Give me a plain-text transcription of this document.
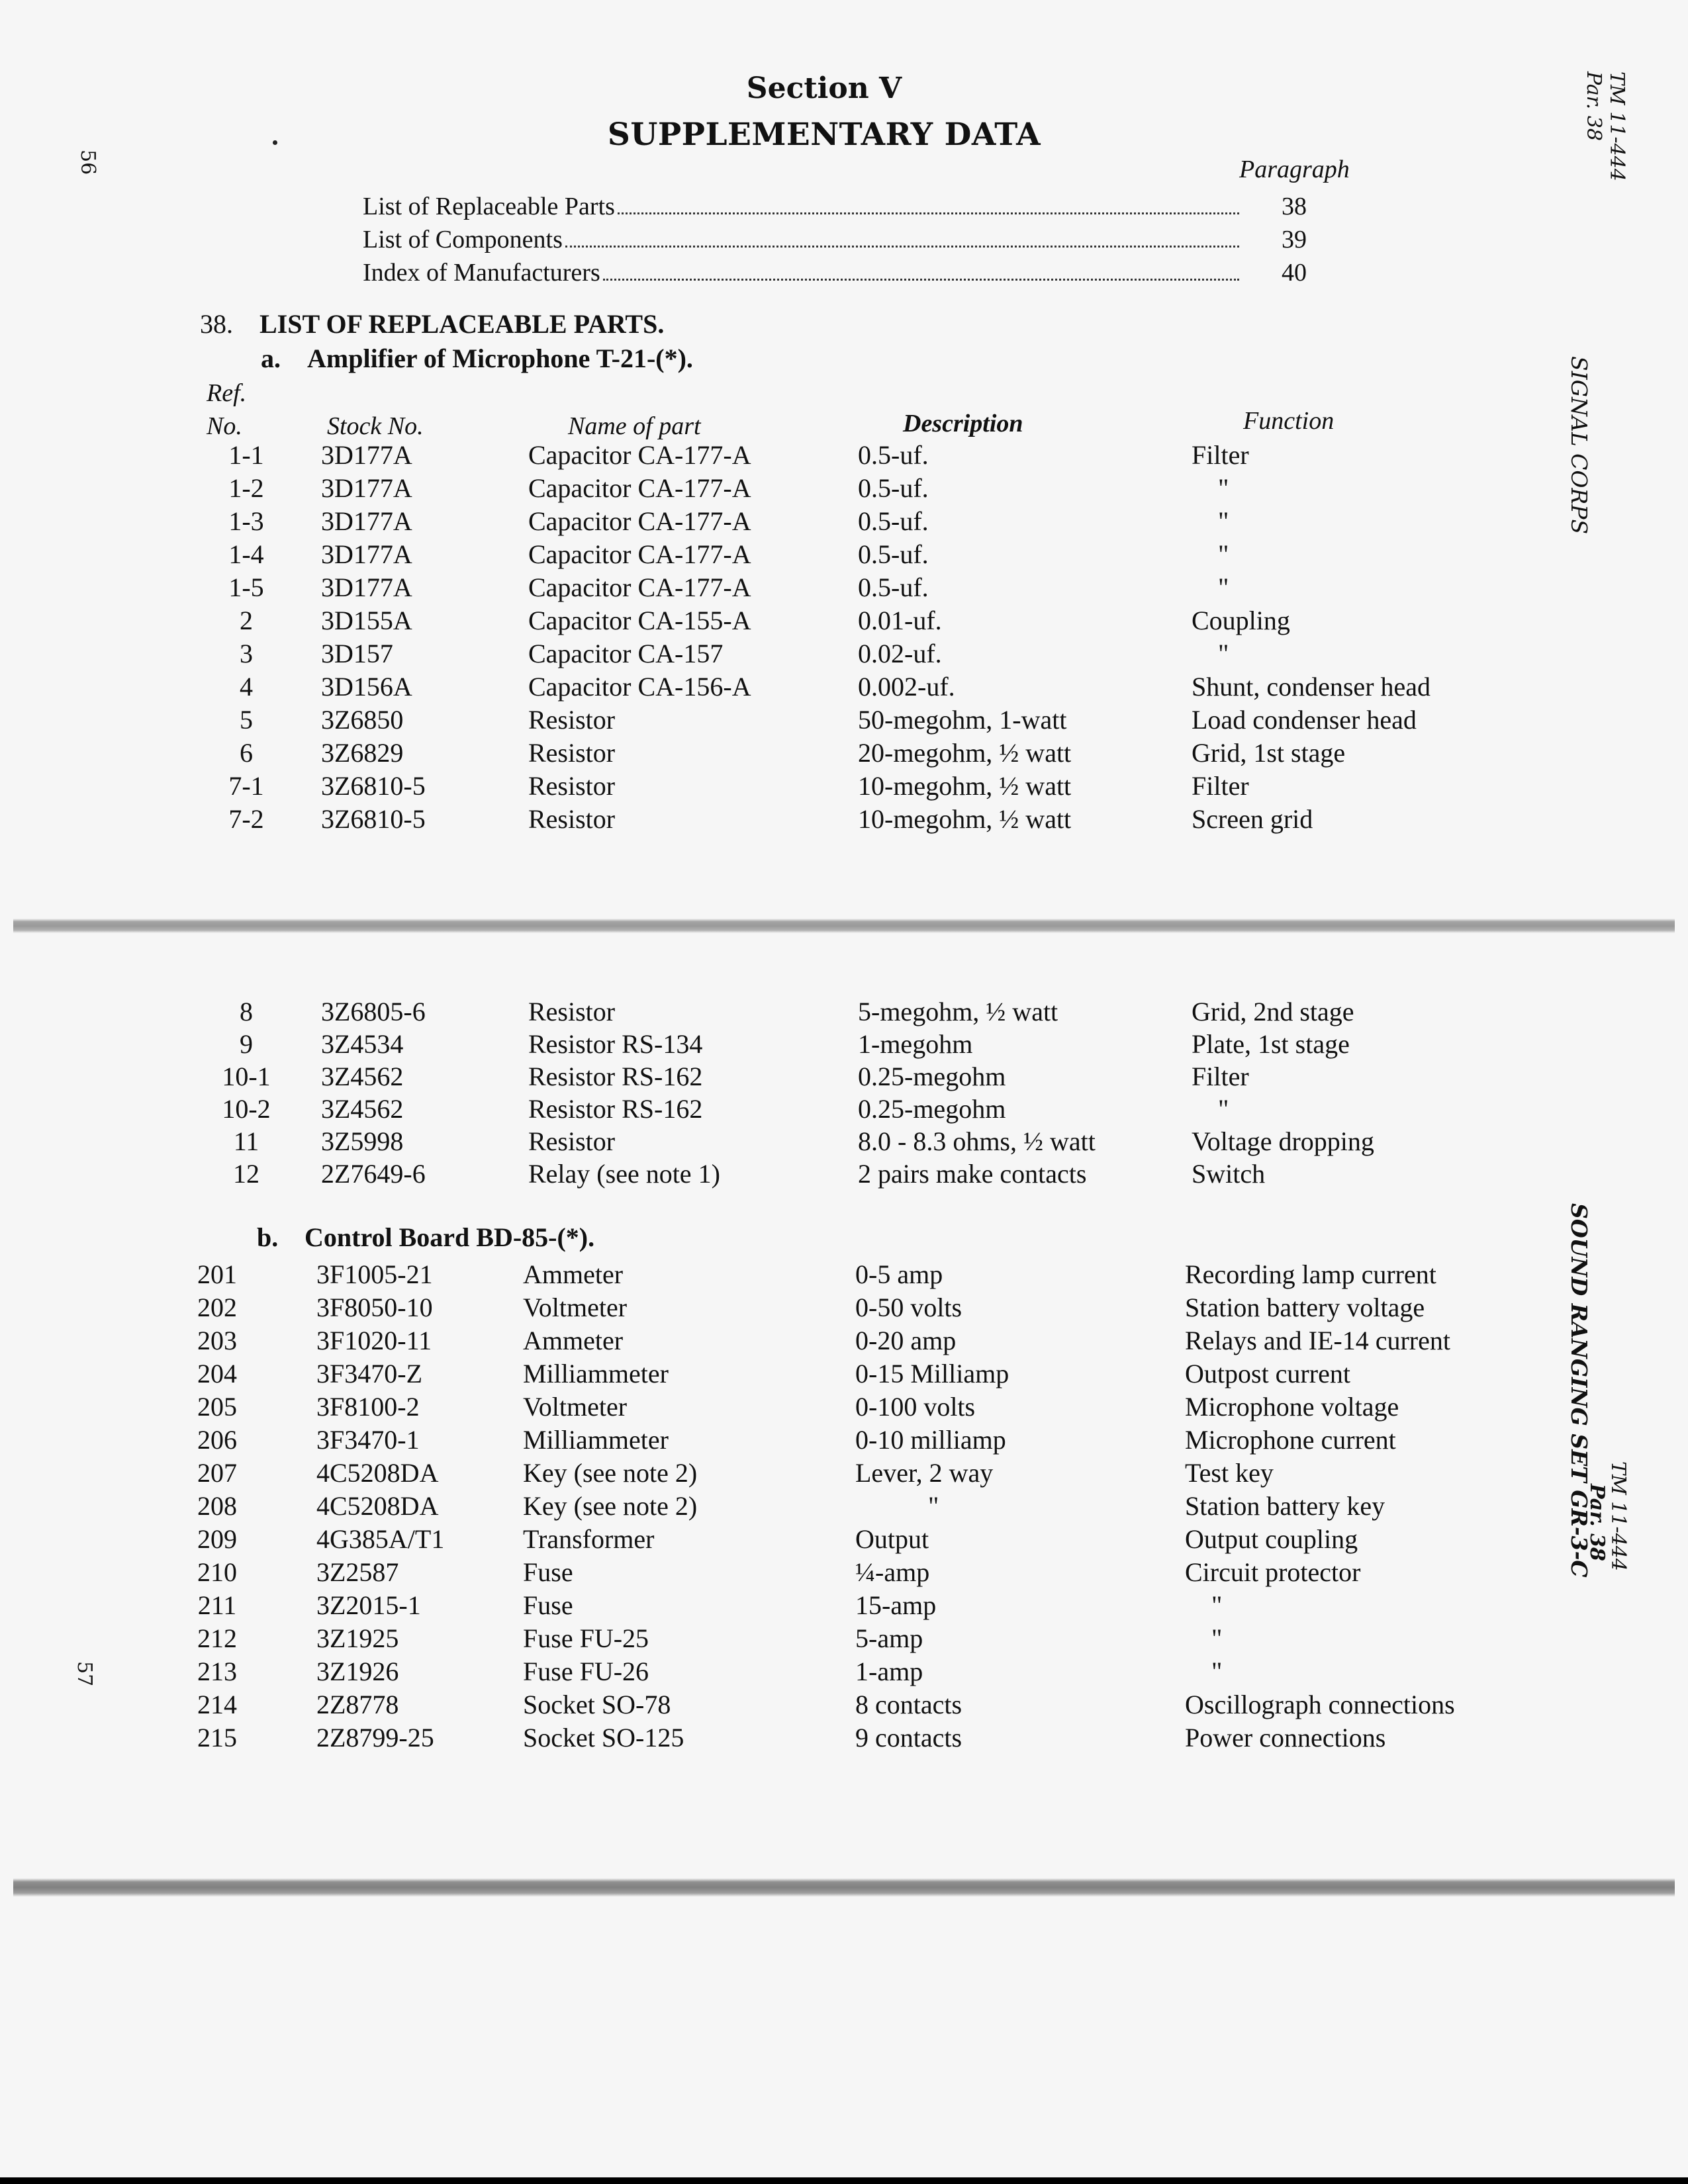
56
57
TM 11-444
Par. 38
SIGNAL CORPS
SOUND RANGING SET GR-3-C TM 11-444
Par. 38
Section V
SUPPLEMENTARY DATA
Paragraph
List of Replaceable Parts	38
List of Components	39
Index of Manufacturers	40
38. LIST OF REPLACEABLE PARTS.
a. Amplifier of Microphone T-21-(*).
Ref.
No.	Stock No.	Name of part	Description	Function
1-1	3D177A	Capacitor CA-177-A	0.5-uf.	Filter
1-2	3D177A	Capacitor CA-177-A	0.5-uf.	"
1-3	3D177A	Capacitor CA-177-A	0.5-uf.	"
1-4	3D177A	Capacitor CA-177-A	0.5-uf.	"
1-5	3D177A	Capacitor CA-177-A	0.5-uf.	"
2	3D155A	Capacitor CA-155-A	0.01-uf.	Coupling
3	3D157	Capacitor CA-157	0.02-uf.	"
4	3D156A	Capacitor CA-156-A	0.002-uf.	Shunt, condenser head
5	3Z6850	Resistor	50-megohm, 1-watt	Load condenser head
6	3Z6829	Resistor	20-megohm, ½ watt	Grid, 1st stage
7-1	3Z6810-5	Resistor	10-megohm, ½ watt	Filter
7-2	3Z6810-5	Resistor	10-megohm, ½ watt	Screen grid
8	3Z6805-6	Resistor	5-megohm, ½ watt	Grid, 2nd stage
9	3Z4534	Resistor RS-134	1-megohm	Plate, 1st stage
10-1	3Z4562	Resistor RS-162	0.25-megohm	Filter
10-2	3Z4562	Resistor RS-162	0.25-megohm	"
11	3Z5998	Resistor	8.0 - 8.3 ohms, ½ watt	Voltage dropping
12	2Z7649-6	Relay (see note 1)	2 pairs make contacts	Switch
b. Control Board BD-85-(*).
201	3F1005-21	Ammeter	0-5 amp	Recording lamp current
202	3F8050-10	Voltmeter	0-50 volts	Station battery voltage
203	3F1020-11	Ammeter	0-20 amp	Relays and IE-14 current
204	3F3470-Z	Milliammeter	0-15 Milliamp	Outpost current
205	3F8100-2	Voltmeter	0-100 volts	Microphone voltage
206	3F3470-1	Milliammeter	0-10 milliamp	Microphone current
207	4C5208DA	Key (see note 2)	Lever, 2 way	Test key
208	4C5208DA	Key (see note 2)	"	Station battery key
209	4G385A/T1	Transformer	Output	Output coupling
210	3Z2587	Fuse	¼-amp	Circuit protector
211	3Z2015-1	Fuse	15-amp	"
212	3Z1925	Fuse FU-25	5-amp	"
213	3Z1926	Fuse FU-26	1-amp	"
214	2Z8778	Socket SO-78	8 contacts	Oscillograph connections
215	2Z8799-25	Socket SO-125	9 contacts	Power connections
